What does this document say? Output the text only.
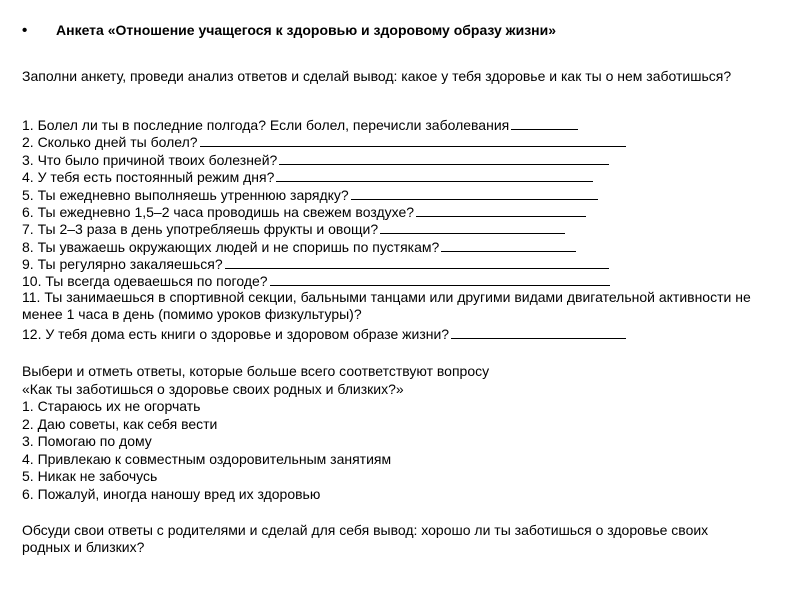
•	Анкета «Отношение учащегося к здоровью и здоровому образу жизни»
Заполни анкету, проведи анализ ответов и сделай вывод: какое у тебя здоровье и как ты о нем заботишься?
1. Болел ли ты в последние полгода? Если болел, перечисли заболевания
2. Сколько дней ты болел?
3. Что было причиной твоих болезней?
4. У тебя есть постоянный режим дня?
5. Ты ежедневно выполняешь утреннюю зарядку?
6. Ты ежедневно 1,5–2 часа проводишь на свежем воздухе?
7. Ты 2–3 раза в день употребляешь фрукты и овощи?
8. Ты уважаешь окружающих людей и не споришь по пустякам?
9. Ты регулярно закаляешься?
10. Ты всегда одеваешься по погоде?
11. Ты занимаешься в спортивной секции, бальными танцами или другими видами двигательной активности не менее 1 часа в день (помимо уроков физкультуры)?
12. У тебя дома есть книги о здоровье и здоровом образе жизни?
Выбери и отметь ответы, которые больше всего соответствуют вопросу
«Как ты заботишься о здоровье своих родных и близких?»
1. Стараюсь их не огорчать
2. Даю советы, как себя вести
3. Помогаю по дому
4. Привлекаю к совместным оздоровительным занятиям
5. Никак не забочусь
6. Пожалуй, иногда наношу вред их здоровью
Обсуди свои ответы с родителями и сделай для себя вывод: хорошо ли ты заботишься о здоровье своих родных и близких?
